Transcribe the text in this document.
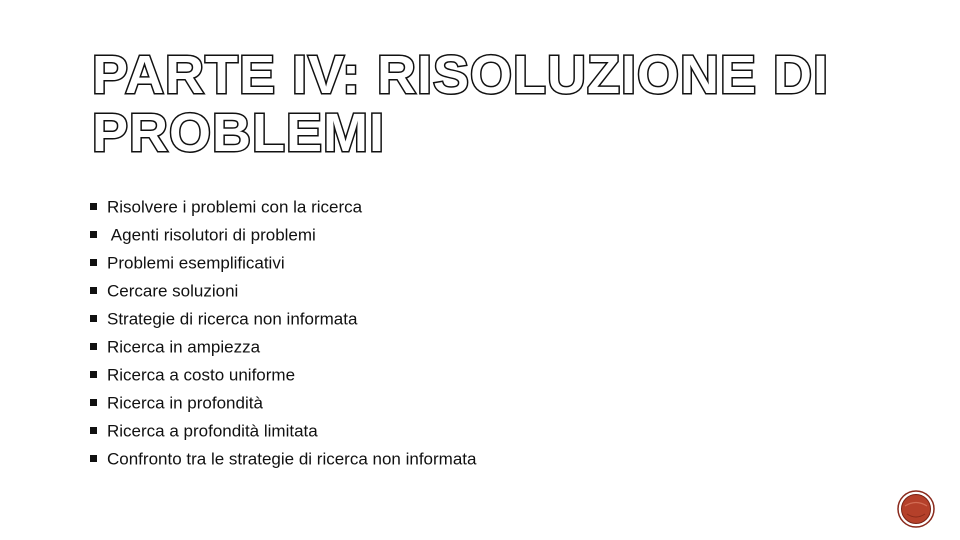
PARTE IV: RISOLUZIONE DI
PROBLEMI
Risolvere i problemi con la ricerca
Agenti risolutori di problemi
Problemi esemplificativi
Cercare soluzioni
Strategie di ricerca non informata
Ricerca in ampiezza
Ricerca a costo uniforme
Ricerca in profondità
Ricerca a profondità limitata
Confronto tra le strategie di ricerca non informata
